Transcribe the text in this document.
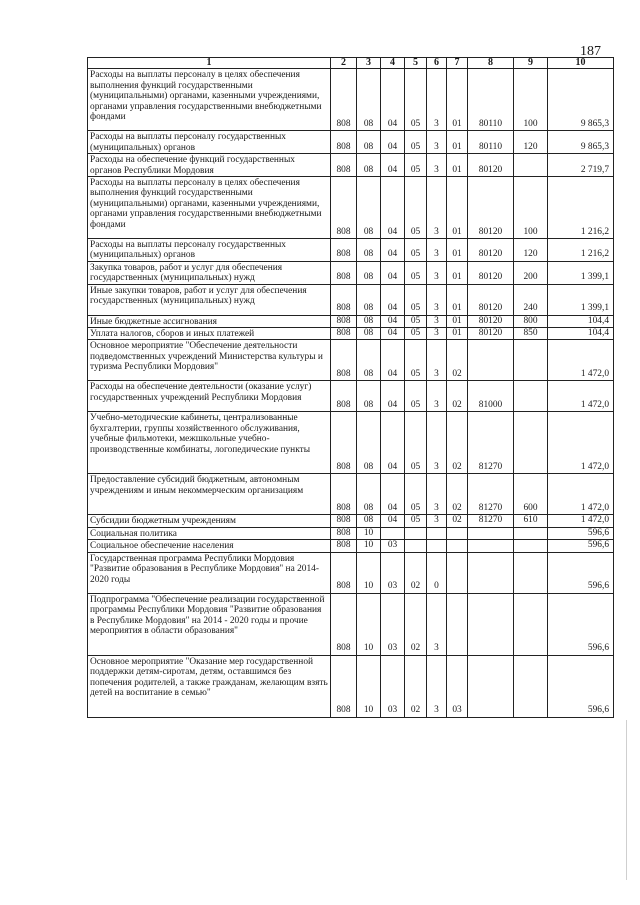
187
1	2	3	4	5	6	7	8	9	10
Расходы на выплаты персоналу в целях обеспечения выполнения функций государственными (муниципальными) органами, казенными учреждениями, органами управления государственными внебюджетными фондами	808	08	04	05	3	01	80110	100	9 865,3
Расходы на выплаты персоналу государственных (муниципальных) органов	808	08	04	05	3	01	80110	120	9 865,3
Расходы на обеспечение функций государственных органов Республики Мордовия	808	08	04	05	3	01	80120		2 719,7
Расходы на выплаты персоналу в целях обеспечения выполнения функций государственными (муниципальными) органами, казенными учреждениями, органами управления государственными внебюджетными фондами	808	08	04	05	3	01	80120	100	1 216,2
Расходы на выплаты персоналу государственных (муниципальных) органов	808	08	04	05	3	01	80120	120	1 216,2
Закупка товаров, работ и услуг для обеспечения государственных (муниципальных) нужд	808	08	04	05	3	01	80120	200	1 399,1
Иные закупки товаров, работ и услуг для обеспечения государственных (муниципальных) нужд	808	08	04	05	3	01	80120	240	1 399,1
Иные бюджетные ассигнования	808	08	04	05	3	01	80120	800	104,4
Уплата налогов, сборов и иных платежей	808	08	04	05	3	01	80120	850	104,4
Основное мероприятие "Обеспечение деятельности подведомственных учреждений Министерства культуры и туризма Республики Мордовия"	808	08	04	05	3	02			1 472,0
Расходы на обеспечение деятельности (оказание услуг) государственных учреждений Республики Мордовия	808	08	04	05	3	02	81000		1 472,0
Учебно-методические кабинеты, централизованные бухгалтерии, группы хозяйственного обслуживания, учебные фильмотеки, межшкольные учебно-производственные комбинаты, логопедические пункты	808	08	04	05	3	02	81270		1 472,0
Предоставление субсидий бюджетным, автономным учреждениям и иным некоммерческим организациям	808	08	04	05	3	02	81270	600	1 472,0
Субсидии бюджетным учреждениям	808	08	04	05	3	02	81270	610	1 472,0
Социальная политика	808	10							596,6
Социальное обеспечение населения	808	10	03						596,6
Государственная программа Республики Мордовия "Развитие образования в Республике Мордовия" на 2014-2020 годы	808	10	03	02	0				596,6
Подпрограмма "Обеспечение реализации государственной программы Республики Мордовия "Развитие образования в Республике Мордовия" на 2014 - 2020 годы и прочие мероприятия в области образования"	808	10	03	02	3				596,6
Основное мероприятие "Оказание мер государственной поддержки детям-сиротам, детям, оставшимся без попечения родителей, а также гражданам, желающим взять детей на воспитание в семью"	808	10	03	02	3	03			596,6
